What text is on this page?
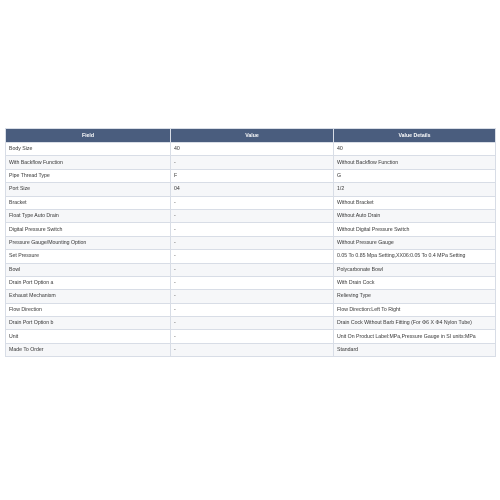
Field	Value	Value Details
Body Size	40	40
With Backflow Function	-	Without Backflow Function
Pipe Thread Type	F	G
Port Size	04	1/2
Bracket	-	Without Bracket
Float Type Auto Drain	-	Without Auto Drain
Digital Pressure Switch	-	Without Digital Pressure Switch
Pressure Gauge/Mounting Option	-	Without Pressure Gauge
Set Pressure	-	0.05 To 0.85 Mpa Setting,XX06:0.05 To 0.4 MPa Setting
Bowl	-	Polycarbonate Bowl
Drain Port Option a	-	With Drain Cock
Exhaust Mechanism	-	Relieving Type
Flow Direction	-	Flow Direction:Left To Right
Drain Port Option b	-	Drain Cock Without Barb Fitting (For Φ6 X Φ4 Nylon Tube)
Unit	-	Unit On Product Label:MPa,Pressure Gauge in SI units:MPa
Made To Order	-	Standard
